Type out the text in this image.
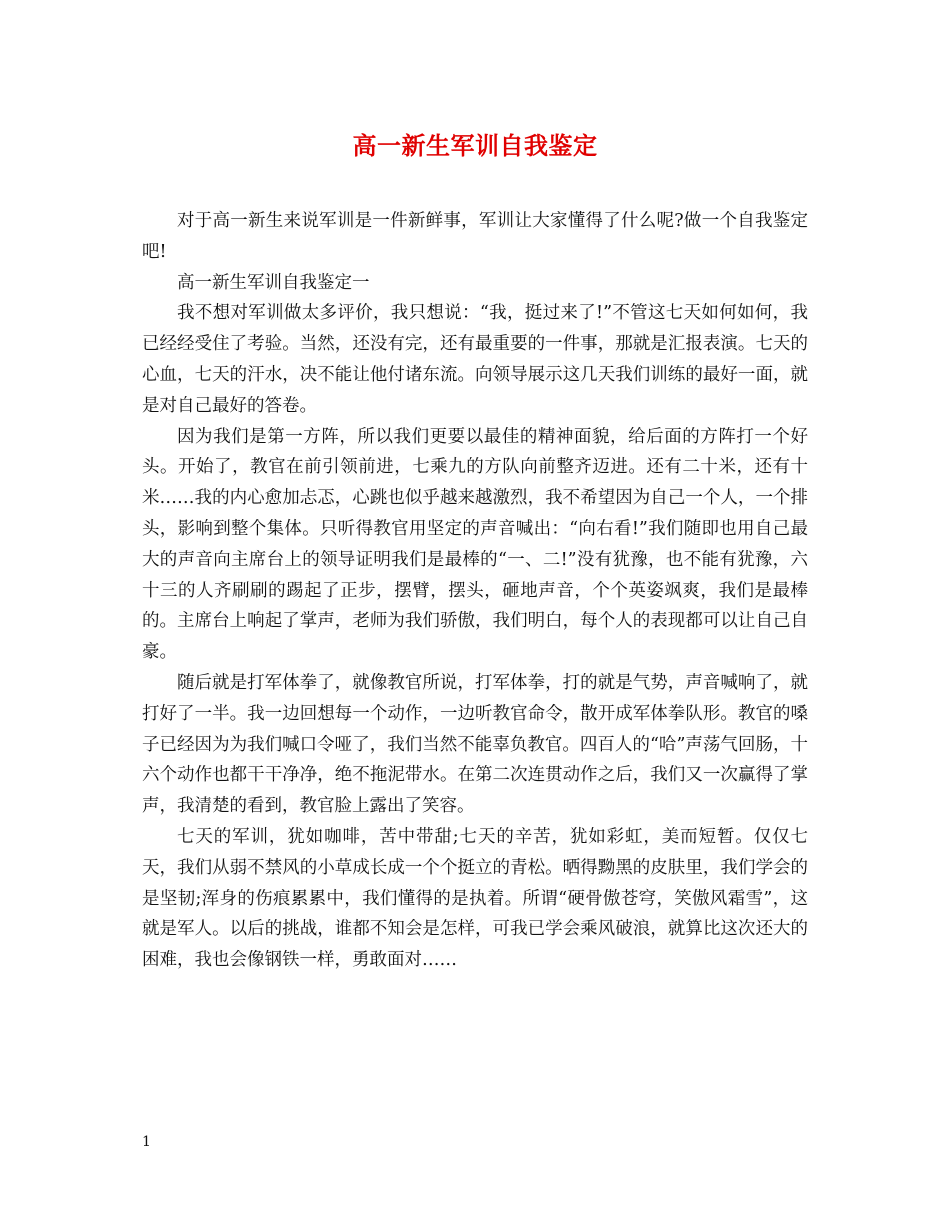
高一新生军训自我鉴定

对于高一新生来说军训是一件新鲜事，军训让大家懂得了什么呢?做一个自我鉴定吧!

高一新生军训自我鉴定一

我不想对军训做太多评价，我只想说：“我，挺过来了!”不管这七天如何如何，我已经经受住了考验。当然，还没有完，还有最重要的一件事，那就是汇报表演。七天的心血，七天的汗水，决不能让他付诸东流。向领导展示这几天我们训练的最好一面，就是对自己最好的答卷。

因为我们是第一方阵，所以我们更要以最佳的精神面貌，给后面的方阵打一个好头。开始了，教官在前引领前进，七乘九的方队向前整齐迈进。还有二十米，还有十米……我的内心愈加忐忑，心跳也似乎越来越激烈，我不希望因为自己一个人，一个排头，影响到整个集体。只听得教官用坚定的声音喊出：“向右看!”我们随即也用自己最大的声音向主席台上的领导证明我们是最棒的“一、二!”没有犹豫，也不能有犹豫，六十三的人齐刷刷的踢起了正步，摆臂，摆头，砸地声音，个个英姿飒爽，我们是最棒的。主席台上响起了掌声，老师为我们骄傲，我们明白，每个人的表现都可以让自己自豪。

随后就是打军体拳了，就像教官所说，打军体拳，打的就是气势，声音喊响了，就打好了一半。我一边回想每一个动作，一边听教官命令，散开成军体拳队形。教官的嗓子已经因为为我们喊口令哑了，我们当然不能辜负教官。四百人的“哈”声荡气回肠，十六个动作也都干干净净，绝不拖泥带水。在第二次连贯动作之后，我们又一次赢得了掌声，我清楚的看到，教官脸上露出了笑容。

七天的军训，犹如咖啡，苦中带甜;七天的辛苦，犹如彩虹，美而短暂。仅仅七天，我们从弱不禁风的小草成长成一个个挺立的青松。晒得黝黑的皮肤里，我们学会的是坚韧;浑身的伤痕累累中，我们懂得的是执着。所谓“硬骨傲苍穹，笑傲风霜雪”，这就是军人。以后的挑战，谁都不知会是怎样，可我已学会乘风破浪，就算比这次还大的困难，我也会像钢铁一样，勇敢面对……

1
